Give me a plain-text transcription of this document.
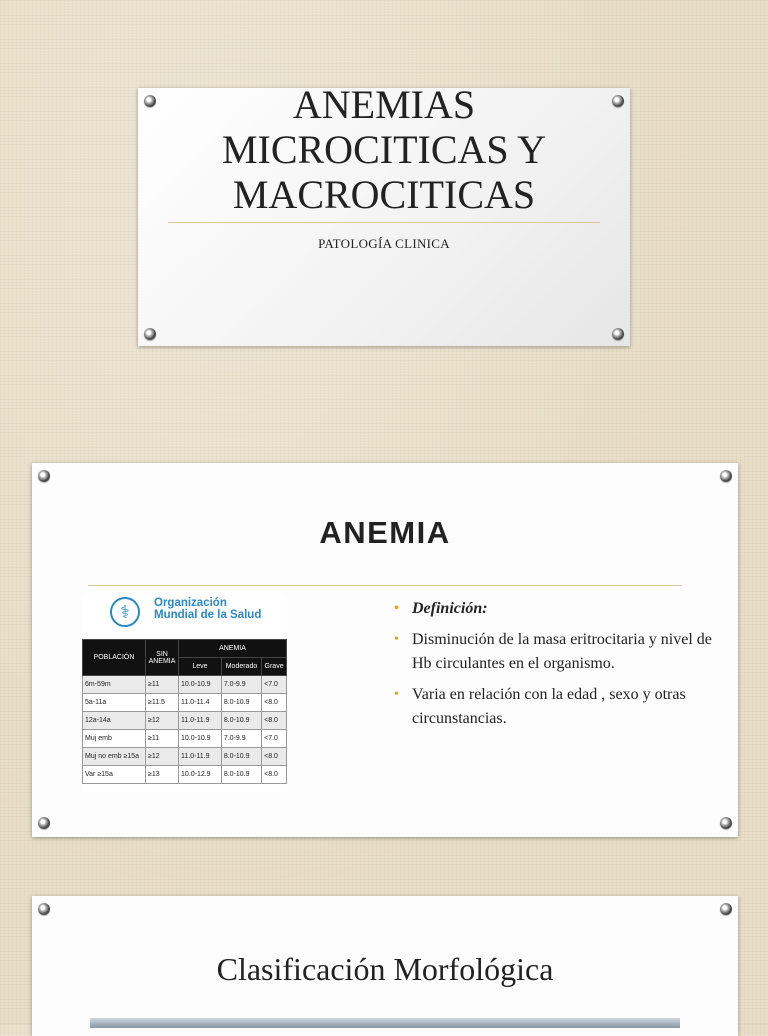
ANEMIAS
MICROCITICAS Y
MACROCITICAS
PATOLOGÍA CLINICA
ANEMIA
⚕	Organización
Mundial de la Salud
POBLACIÓN	SIN ANEMIA	ANEMIA		
		Leve	Moderado	Grave
6m-59m	≥11	10.0-10.9	7.0-9.9	<7.0
5a-11a	≥11.5	11.0-11.4	8.0-10.9	<8.0
12a-14a	≥12	11.0-11.9	8.0-10.9	<8.0
Muj emb	≥11	10.0-10.9	7.0-9.9	<7.0
Muj no emb ≥15a	≥12	11.0-11.9	8.0-10.9	<8.0
Var ≥15a	≥13	10.0-12.9	8.0-10.9	<8.0
• Definición:
• Disminución de la masa eritrocitaria y nivel de Hb circulantes en el organismo.
• Varia en relación con la edad , sexo y otras circunstancias.
Clasificación Morfológica
